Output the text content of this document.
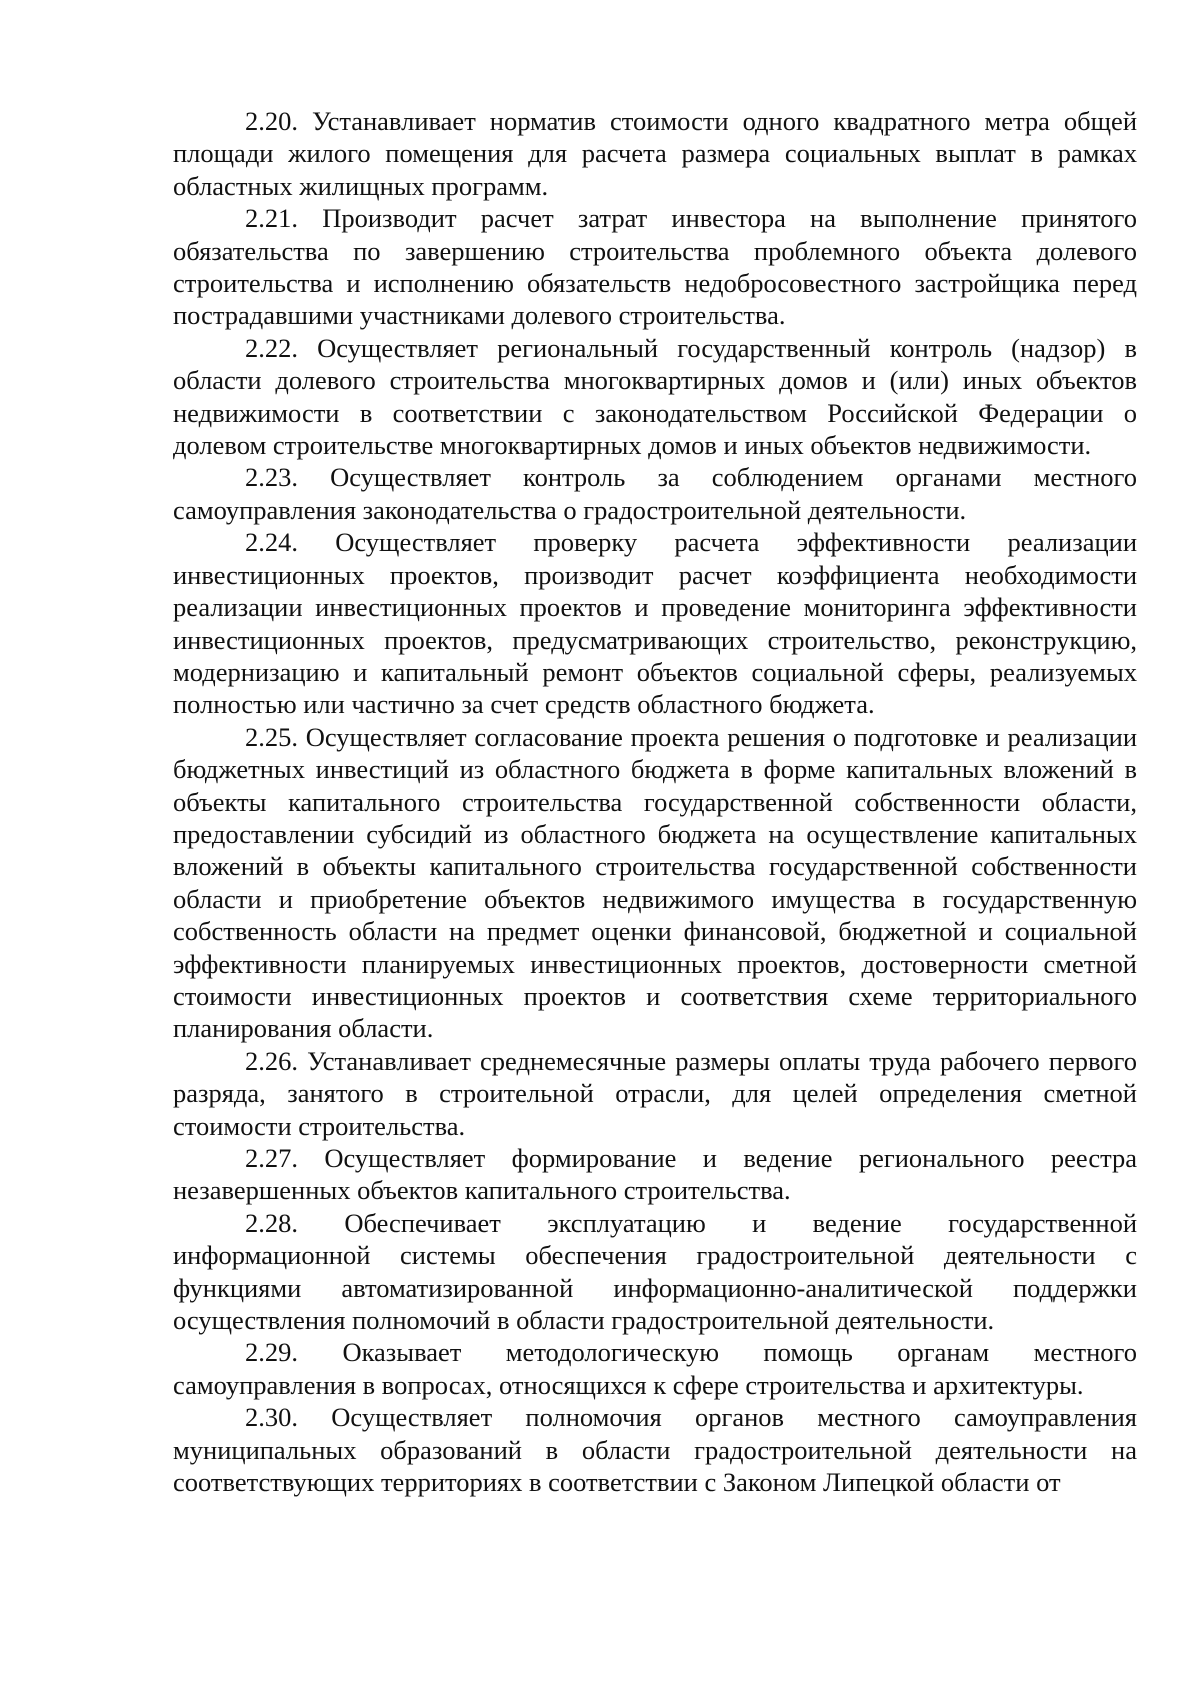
2.20. Устанавливает норматив стоимости одного квадратного метра общей площади жилого помещения для расчета размера социальных выплат в рамках областных жилищных программ.

2.21. Производит расчет затрат инвестора на выполнение принятого обязательства по завершению строительства проблемного объекта долевого строительства и исполнению обязательств недобросовестного застройщика перед пострадавшими участниками долевого строительства.

2.22. Осуществляет региональный государственный контроль (надзор) в области долевого строительства многоквартирных домов и (или) иных объектов недвижимости в соответствии с законодательством Российской Федерации о долевом строительстве многоквартирных домов и иных объектов недвижимости.

2.23. Осуществляет контроль за соблюдением органами местного самоуправления законодательства о градостроительной деятельности.

2.24. Осуществляет проверку расчета эффективности реализации инвестиционных проектов, производит расчет коэффициента необходимости реализации инвестиционных проектов и проведение мониторинга эффективности инвестиционных проектов, предусматривающих строительство, реконструкцию, модернизацию и капитальный ремонт объектов социальной сферы, реализуемых полностью или частично за счет средств областного бюджета.

2.25. Осуществляет согласование проекта решения о подготовке и реализации бюджетных инвестиций из областного бюджета в форме капитальных вложений в объекты капитального строительства государственной собственности области, предоставлении субсидий из областного бюджета на осуществление капитальных вложений в объекты капитального строительства государственной собственности области и приобретение объектов недвижимого имущества в государственную собственность области на предмет оценки финансовой, бюджетной и социальной эффективности планируемых инвестиционных проектов, достоверности сметной стоимости инвестиционных проектов и соответствия схеме территориального планирования области.

2.26. Устанавливает среднемесячные размеры оплаты труда рабочего первого разряда, занятого в строительной отрасли, для целей определения сметной стоимости строительства.

2.27. Осуществляет формирование и ведение регионального реестра незавершенных объектов капитального строительства.

2.28. Обеспечивает эксплуатацию и ведение государственной информационной системы обеспечения градостроительной деятельности с функциями автоматизированной информационно-аналитической поддержки осуществления полномочий в области градостроительной деятельности.

2.29. Оказывает методологическую помощь органам местного самоуправления в вопросах, относящихся к сфере строительства и архитектуры.

2.30. Осуществляет полномочия органов местного самоуправления муниципальных образований в области градостроительной деятельности на соответствующих территориях в соответствии с Законом Липецкой области от
